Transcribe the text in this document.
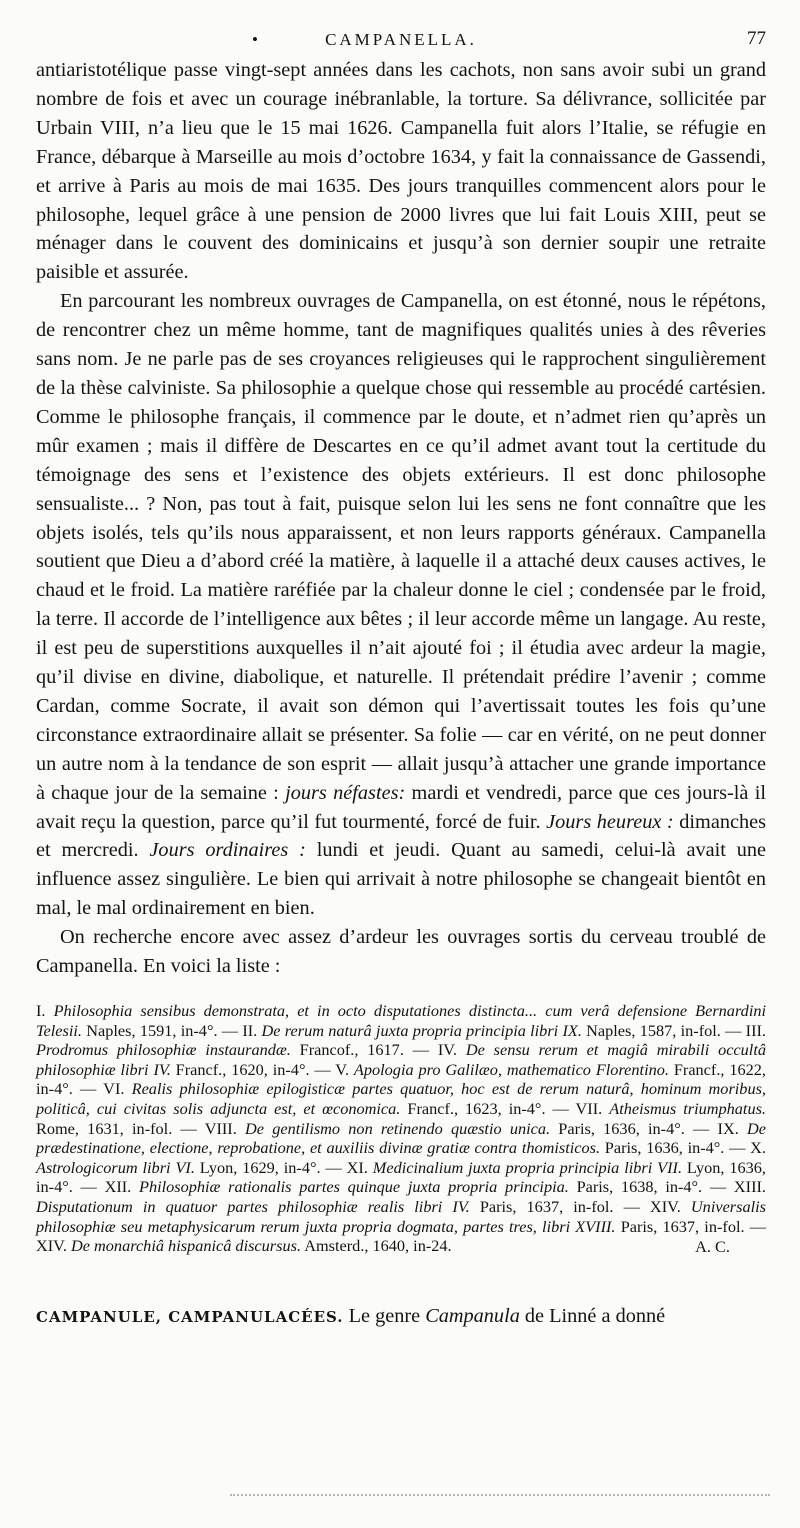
•	CAMPANELLA.	77

antiaristotélique passe vingt-sept années dans les cachots, non sans avoir subi un grand nombre de fois et avec un courage inébranlable, la torture. Sa délivrance, sollicitée par Urbain VIII, n’a lieu que le 15 mai 1626. Campanella fuit alors l’Italie, se réfugie en France, débarque à Marseille au mois d’octobre 1634, y fait la connaissance de Gassendi, et arrive à Paris au mois de mai 1635. Des jours tranquilles commencent alors pour le philosophe, lequel grâce à une pension de 2000 livres que lui fait Louis XIII, peut se ménager dans le couvent des dominicains et jusqu’à son dernier soupir une retraite paisible et assurée.

En parcourant les nombreux ouvrages de Campanella, on est étonné, nous le répétons, de rencontrer chez un même homme, tant de magnifiques qualités unies à des rêveries sans nom. Je ne parle pas de ses croyances religieuses qui le rapprochent singulièrement de la thèse calviniste. Sa philosophie a quelque chose qui ressemble au procédé cartésien. Comme le philosophe français, il commence par le doute, et n’admet rien qu’après un mûr examen ; mais il diffère de Descartes en ce qu’il admet avant tout la certitude du témoignage des sens et l’existence des objets extérieurs. Il est donc philosophe sensualiste... ? Non, pas tout à fait, puisque selon lui les sens ne font connaître que les objets isolés, tels qu’ils nous apparaissent, et non leurs rapports généraux. Campanella soutient que Dieu a d’abord créé la matière, à laquelle il a attaché deux causes actives, le chaud et le froid. La matière raréfiée par la chaleur donne le ciel ; condensée par le froid, la terre. Il accorde de l’intelligence aux bêtes ; il leur accorde même un langage. Au reste, il est peu de superstitions auxquelles il n’ait ajouté foi ; il étudia avec ardeur la magie, qu’il divise en divine, diabolique, et naturelle. Il prétendait prédire l’avenir ; comme Cardan, comme Socrate, il avait son démon qui l’avertissait toutes les fois qu’une circonstance extraordinaire allait se présenter. Sa folie — car en vérité, on ne peut donner un autre nom à la tendance de son esprit — allait jusqu’à attacher une grande importance à chaque jour de la semaine : jours néfastes: mardi et vendredi, parce que ces jours-là il avait reçu la question, parce qu’il fut tourmenté, forcé de fuir. Jours heureux : dimanches et mercredi. Jours ordinaires : lundi et jeudi. Quant au samedi, celui-là avait une influence assez singulière. Le bien qui arrivait à notre philosophe se changeait bientôt en mal, le mal ordinairement en bien.

On recherche encore avec assez d’ardeur les ouvrages sortis du cerveau troublé de Campanella. En voici la liste :

I. Philosophia sensibus demonstrata, et in octo disputationes distincta... cum verâ defensione Bernardini Telesii. Naples, 1591, in-4°. — II. De rerum naturâ juxta propria principia libri IX. Naples, 1587, in-fol. — III. Prodromus philosophiæ instaurandæ. Francof., 1617. — IV. De sensu rerum et magiâ mirabili occultâ philosophiæ libri IV. Francf., 1620, in-4°. — V. Apologia pro Galilæo, mathematico Florentino. Francf., 1622, in-4°. — VI. Realis philosophiæ epilogisticæ partes quatuor, hoc est de rerum naturâ, hominum moribus, politicâ, cui civitas solis adjuncta est, et œconomica. Francf., 1623, in-4°. — VII. Atheismus triumphatus. Rome, 1631, in-fol. — VIII. De gentilismo non retinendo quæstio unica. Paris, 1636, in-4°. — IX. De prædestinatione, electione, reprobatione, et auxiliis divinæ gratiæ contra thomisticos. Paris, 1636, in-4°. — X. Astrologicorum libri VI. Lyon, 1629, in-4°. — XI. Medicinalium juxta propria principia libri VII. Lyon, 1636, in-4°. — XII. Philosophiæ rationalis partes quinque juxta propria principia. Paris, 1638, in-4°. — XIII. Disputationum in quatuor partes philosophiæ realis libri IV. Paris, 1637, in-fol. — XIV. Universalis philosophiæ seu metaphysicarum rerum juxta propria dogmata, partes tres, libri XVIII. Paris, 1637, in-fol. — XIV. De monarchiâ hispanicâ discursus. Amsterd., 1640, in-24.	A. C.
CAMPANULE, CAMPANULACÉES. Le genre Campanula de Linné a donné
